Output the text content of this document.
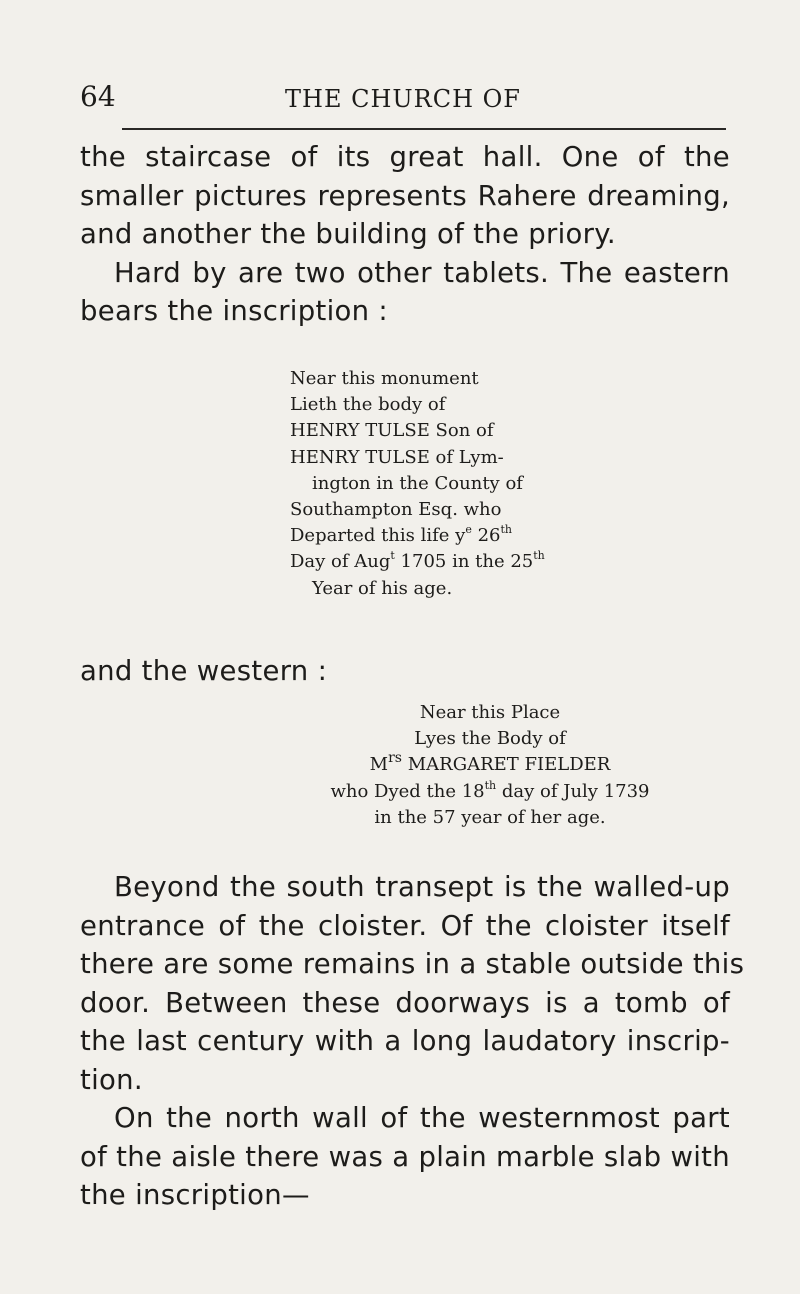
64	THE CHURCH OF
the staircase of its great hall. One of the
smaller pictures represents Rahere dreaming,
and another the building of the priory.
Hard by are two other tablets. The eastern
bears the inscription :
Near this monument
Lieth the body of
HENRY TULSE Son of
HENRY TULSE of Lym-
ington in the County of
Southampton Esq. who
Departed this life $y^e$ 26th
Day of Aug$^t$ 1705 in the 25th
Year of his age.
and the western :
Near this Place
Lyes the Body of
$M^{rs}$ MARGARET FIELDER
who Dyed the 18th day of July 1739
in the 57 year of her age.
Beyond the south transept is the walled-up
entrance of the cloister. Of the cloister itself
there are some remains in a stable outside this
door. Between these doorways is a tomb of
the last century with a long laudatory inscrip-
tion.
On the north wall of the westernmost part
of the aisle there was a plain marble slab with
the inscription—
